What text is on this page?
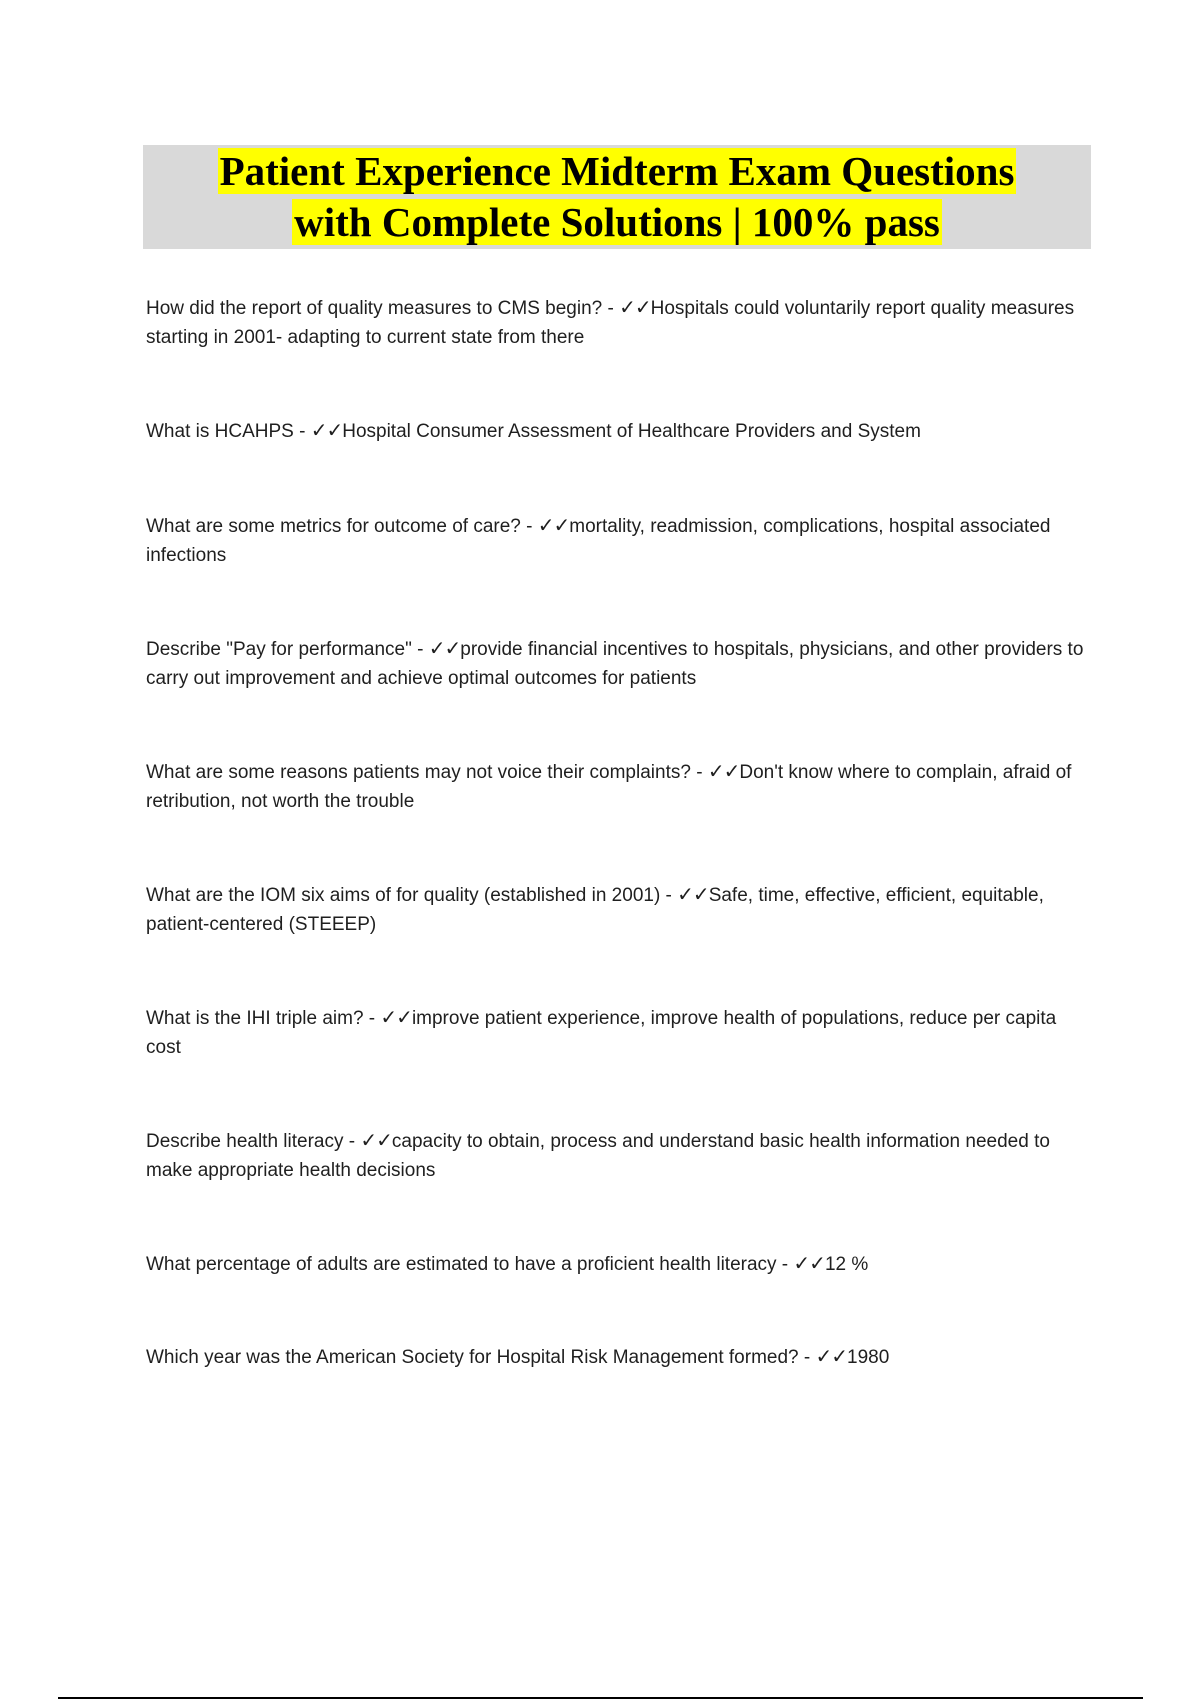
Patient Experience Midterm Exam Questions
with Complete Solutions | 100% pass
How did the report of quality measures to CMS begin? - ✓✓Hospitals could voluntarily report quality measures starting in 2001- adapting to current state from there
What is HCAHPS - ✓✓Hospital Consumer Assessment of Healthcare Providers and System
What are some metrics for outcome of care? - ✓✓mortality, readmission, complications, hospital associated infections
Describe "Pay for performance" - ✓✓provide financial incentives to hospitals, physicians, and other providers to carry out improvement and achieve optimal outcomes for patients
What are some reasons patients may not voice their complaints? - ✓✓Don't know where to complain, afraid of retribution, not worth the trouble
What are the IOM six aims of for quality (established in 2001) - ✓✓Safe, time, effective, efficient, equitable, patient-centered (STEEEP)
What is the IHI triple aim? - ✓✓improve patient experience, improve health of populations, reduce per capita cost
Describe health literacy - ✓✓capacity to obtain, process and understand basic health information needed to make appropriate health decisions
What percentage of adults are estimated to have a proficient health literacy - ✓✓12 %
Which year was the American Society for Hospital Risk Management formed? - ✓✓1980
